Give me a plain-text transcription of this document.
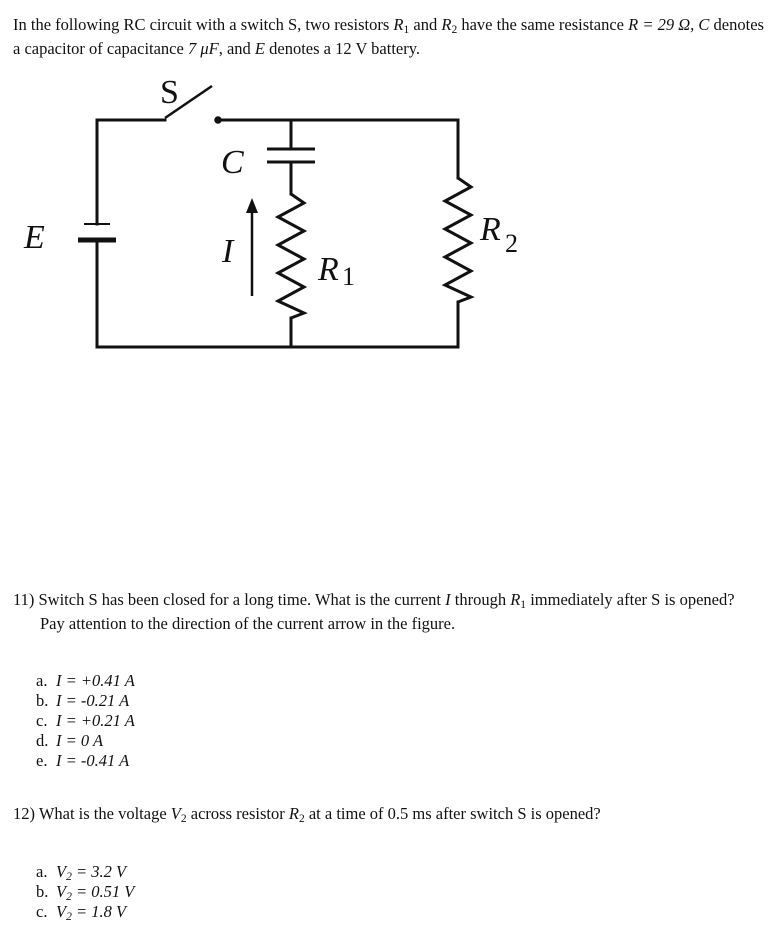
In the following RC circuit with a switch S, two resistors $R_1$ and $R_2$ have the same resistance R = 29 Ω, C denotes a capacitor of capacitance 7 μF, and E denotes a 12 V battery.
S
C
E	I R 1
R 2
11) Switch S has been closed for a long time. What is the current I through $R_1$ immediately after S is opened? Pay attention to the direction of the current arrow in the figure.
a. I = +0.41 A
b. I = -0.21 A
c. I = +0.21 A
d. I = 0 A
e. I = -0.41 A
12) What is the voltage $V_2$ across resistor $R_2$ at a time of 0.5 ms after switch S is opened?
a. $V_2 = 3.2$ V
b. $V_2 = 0.51$ V
c. $V_2 = 1.8$ V
